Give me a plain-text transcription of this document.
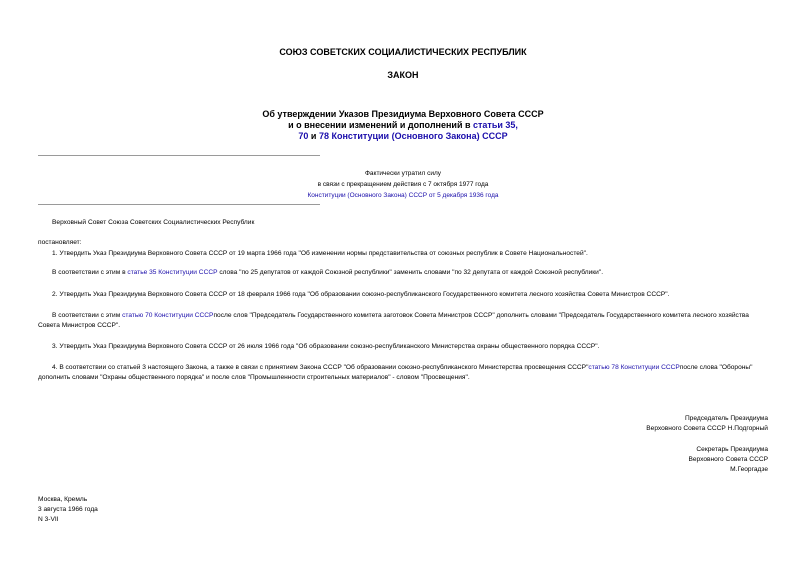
СОЮЗ СОВЕТСКИХ СОЦИАЛИСТИЧЕСКИХ РЕСПУБЛИК
ЗАКОН
Об утверждении Указов Президиума Верховного Совета СССР
и о внесении изменений и дополнений в статьи 35,
70 и 78 Конституции (Основного Закона) СССР
Фактически утратил силу
в связи с прекращением действия с 7 октября 1977 года
Конституции (Основного Закона) СССР от 5 декабря 1936 года
Верховный Совет Союза Советских Социалистических Республик
постановляет:
1. Утвердить Указ Президиума Верховного Совета СССР от 19 марта 1966 года "Об изменении нормы представительства от союзных республик в Совете Национальностей".
В соответствии с этим в статье 35 Конституции СССР слова "по 25 депутатов от каждой Союзной республики" заменить словами "по 32 депутата от каждой Союзной республики".
2. Утвердить Указ Президиума Верховного Совета СССР от 18 февраля 1966 года "Об образовании союзно-республиканского Государственного комитета лесного хозяйства Совета Министров СССР".
В соответствии с этим статью 70 Конституции СССРпосле слов "Председатель Государственного комитета заготовок Совета Министров СССР" дополнить словами "Председатель Государственного комитета лесного хозяйства Совета Министров СССР".
3. Утвердить Указ Президиума Верховного Совета СССР от 26 июля 1966 года "Об образовании союзно-республиканского Министерства охраны общественного порядка СССР".
4. В соответствии со статьей 3 настоящего Закона, а также в связи с принятием Закона СССР "Об образовании союзно-республиканского Министерства просвещения СССР"статью 78 Конституции СССРпосле слова "Обороны" дополнить словами "Охраны общественного порядка" и после слов "Промышленности строительных материалов" - словом "Просвещения".
Председатель Президиума
Верховного Совета СССР Н.Подгорный
Секретарь Президиума
Верховного Совета СССР
М.Георгадзе
Москва, Кремль
3 августа 1966 года
N 3-VII
